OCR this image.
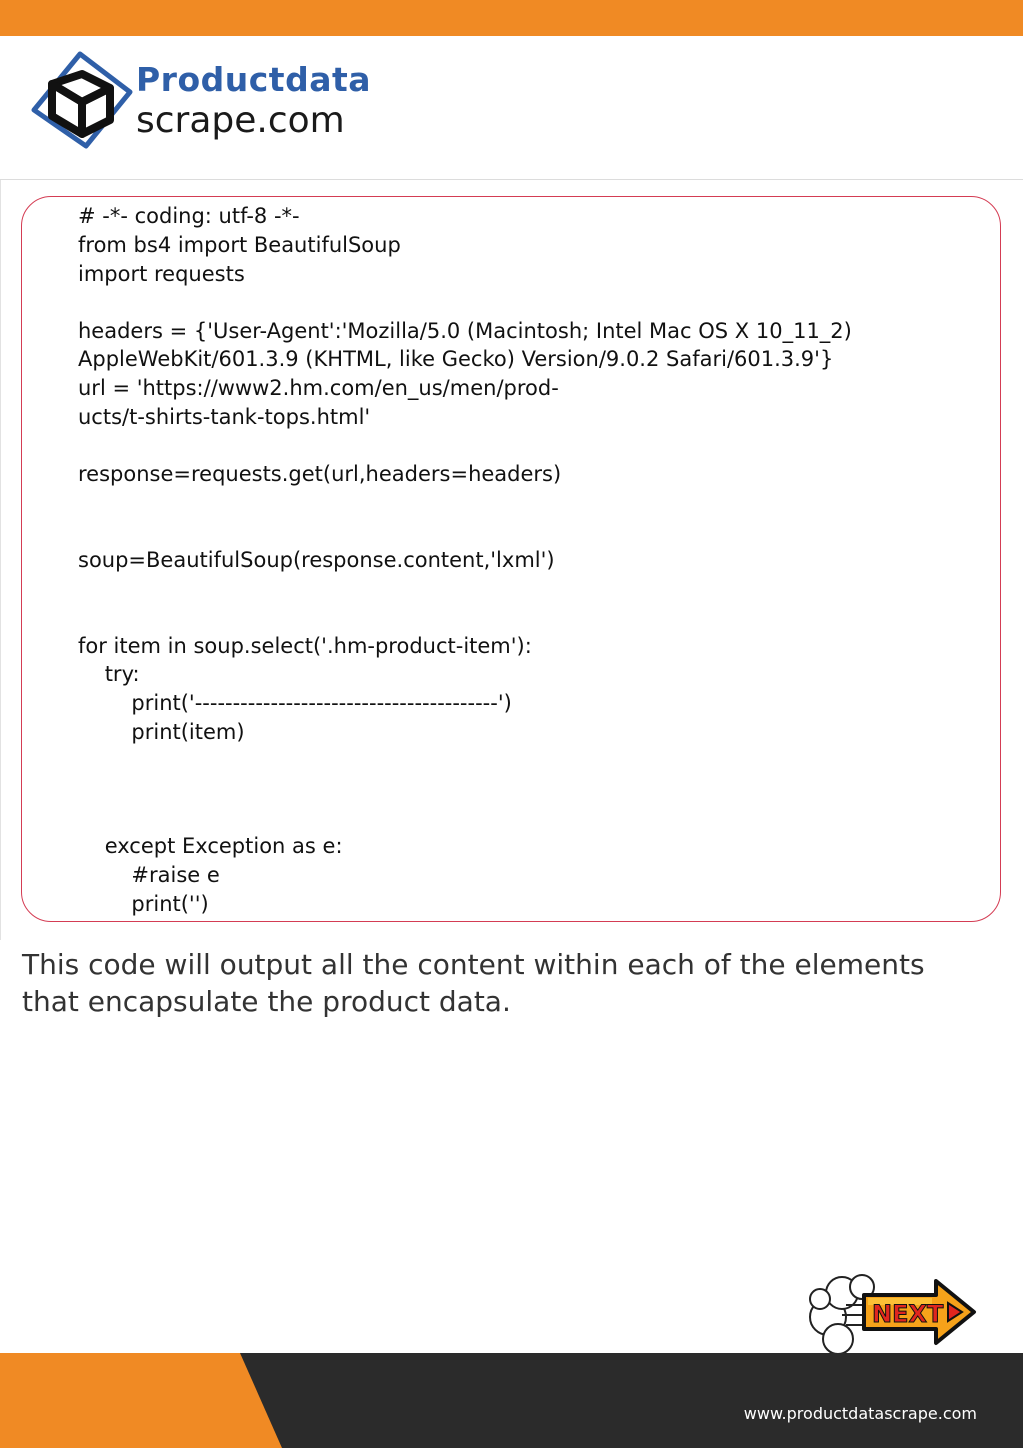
Productdata
scrape.com
# -*- coding: utf-8 -*-
from bs4 import BeautifulSoup
import requests
headers = {'User-Agent':'Mozilla/5.0 (Macintosh; Intel Mac OS X 10_11_2)
AppleWebKit/601.3.9 (KHTML, like Gecko) Version/9.0.2 Safari/601.3.9'}
url = 'https://www2.hm.com/en_us/men/prod-
ucts/t-shirts-tank-tops.html'
response=requests.get(url,headers=headers)
soup=BeautifulSoup(response.content,'lxml')
for item in soup.select('.hm-product-item'):
try:
print('----------------------------------------')
print(item)
except Exception as e:
#raise e
print('')

This code will output all the content within each of the elements that encapsulate the product data.

NEXT
www.productdatascrape.com
